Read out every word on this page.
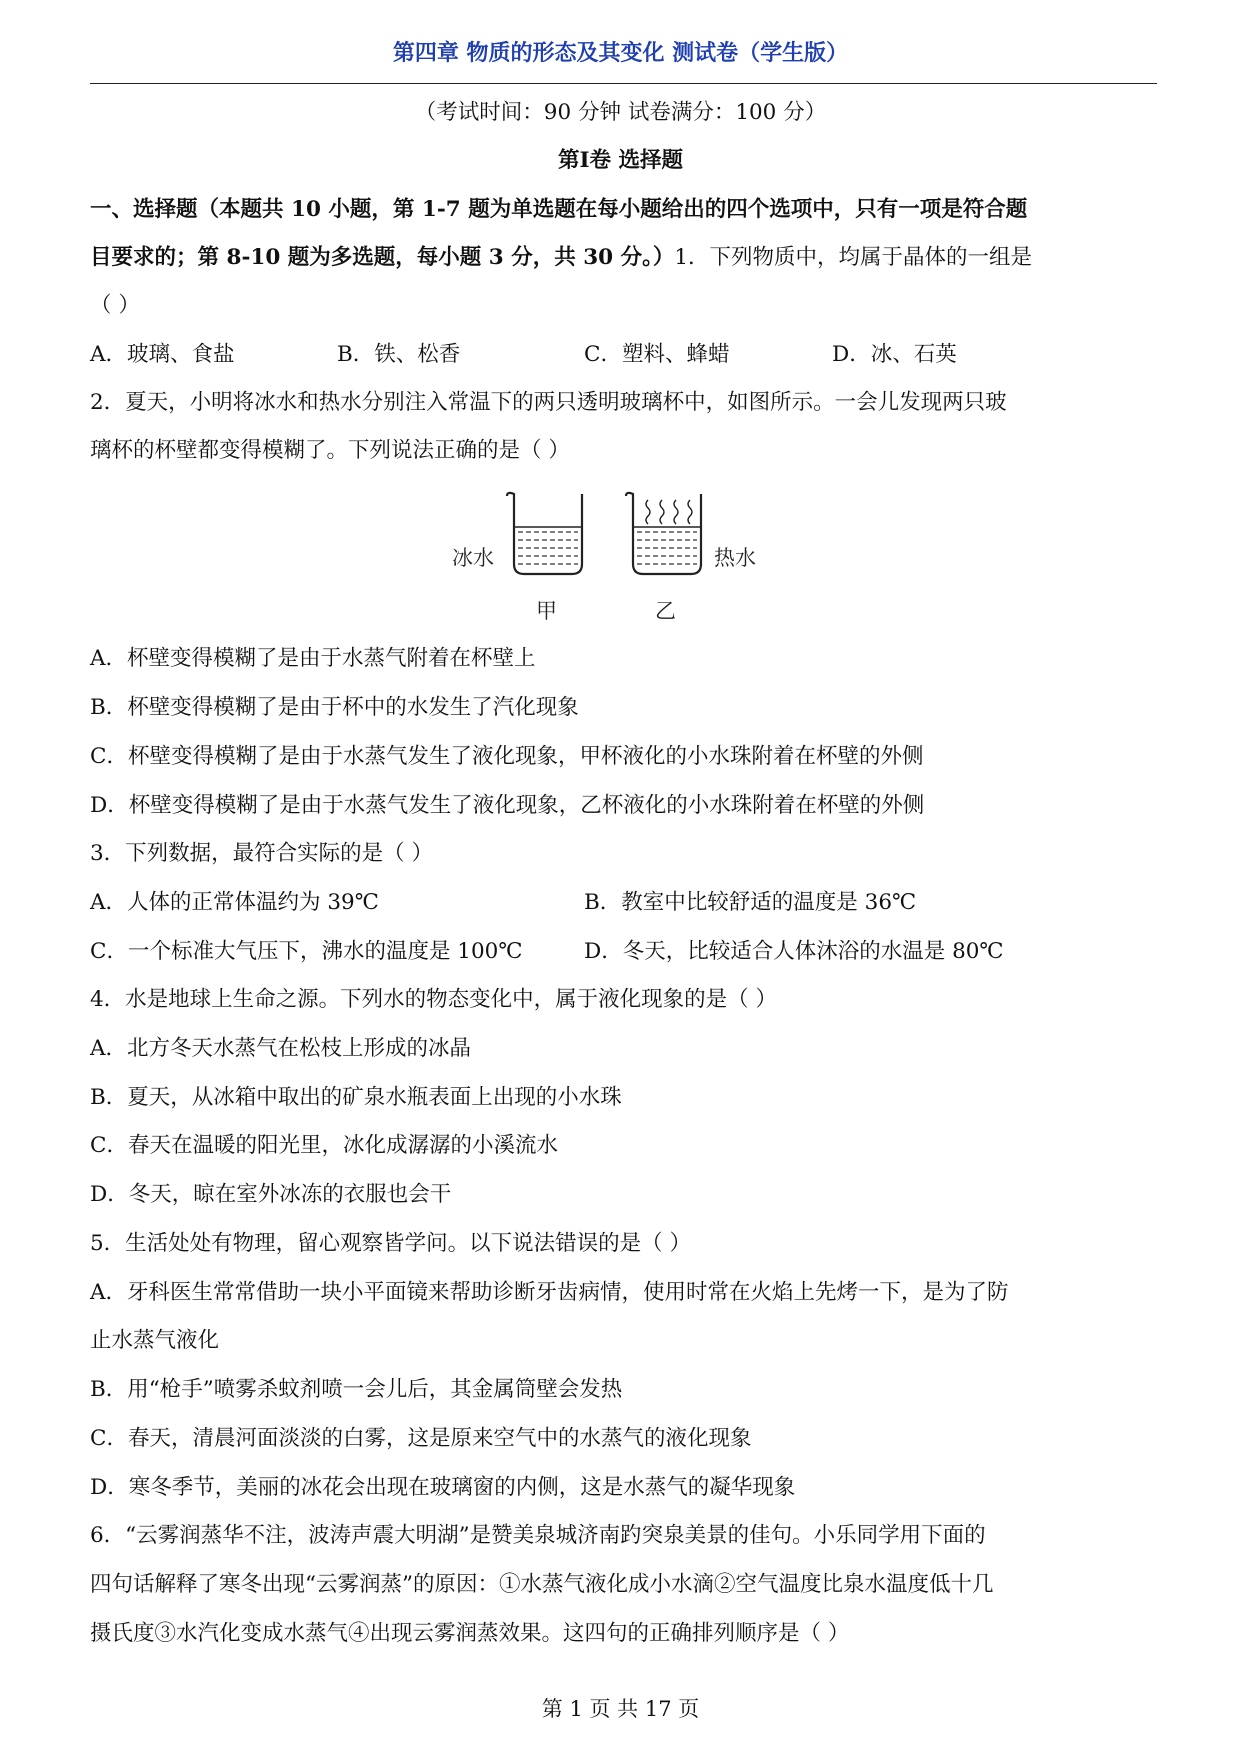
第四章 物质的形态及其变化 测试卷（学生版）
（考试时间：90 分钟 试卷满分：100 分）
第Ⅰ卷 选择题
一、选择题（本题共 10 小题，第 1-7 题为单选题在每小题给出的四个选项中，只有一项是符合题
目要求的；第 8-10 题为多选题，每小题 3 分，共 30 分。）1．下列物质中，均属于晶体的一组是
（ ）
A．玻璃、食盐	B．铁、松香	C．塑料、蜂蜡	D．冰、石英
2．夏天，小明将冰水和热水分别注入常温下的两只透明玻璃杯中，如图所示。一会儿发现两只玻
璃杯的杯壁都变得模糊了。下列说法正确的是（ ）
冰水	热水
甲	乙
A．杯壁变得模糊了是由于水蒸气附着在杯壁上
B．杯壁变得模糊了是由于杯中的水发生了汽化现象
C．杯壁变得模糊了是由于水蒸气发生了液化现象，甲杯液化的小水珠附着在杯壁的外侧
D．杯壁变得模糊了是由于水蒸气发生了液化现象，乙杯液化的小水珠附着在杯壁的外侧
3．下列数据，最符合实际的是（ ）
A．人体的正常体温约为 39℃	B．教室中比较舒适的温度是 36℃
C．一个标准大气压下，沸水的温度是 100℃	D．冬天，比较适合人体沐浴的水温是 80℃
4．水是地球上生命之源。下列水的物态变化中，属于液化现象的是（ ）
A．北方冬天水蒸气在松枝上形成的冰晶
B．夏天，从冰箱中取出的矿泉水瓶表面上出现的小水珠
C．春天在温暖的阳光里，冰化成潺潺的小溪流水
D．冬天，晾在室外冰冻的衣服也会干
5．生活处处有物理，留心观察皆学问。以下说法错误的是（ ）
A．牙科医生常常借助一块小平面镜来帮助诊断牙齿病情，使用时常在火焰上先烤一下，是为了防
止水蒸气液化
B．用“枪手”喷雾杀蚊剂喷一会儿后，其金属筒壁会发热
C．春天，清晨河面淡淡的白雾，这是原来空气中的水蒸气的液化现象
D．寒冬季节，美丽的冰花会出现在玻璃窗的内侧，这是水蒸气的凝华现象
6．“云雾润蒸华不注，波涛声震大明湖”是赞美泉城济南趵突泉美景的佳句。小乐同学用下面的
四句话解释了寒冬出现“云雾润蒸”的原因：①水蒸气液化成小水滴②空气温度比泉水温度低十几
摄氏度③水汽化变成水蒸气④出现云雾润蒸效果。这四句的正确排列顺序是（ ）
第 1 页 共 17 页
